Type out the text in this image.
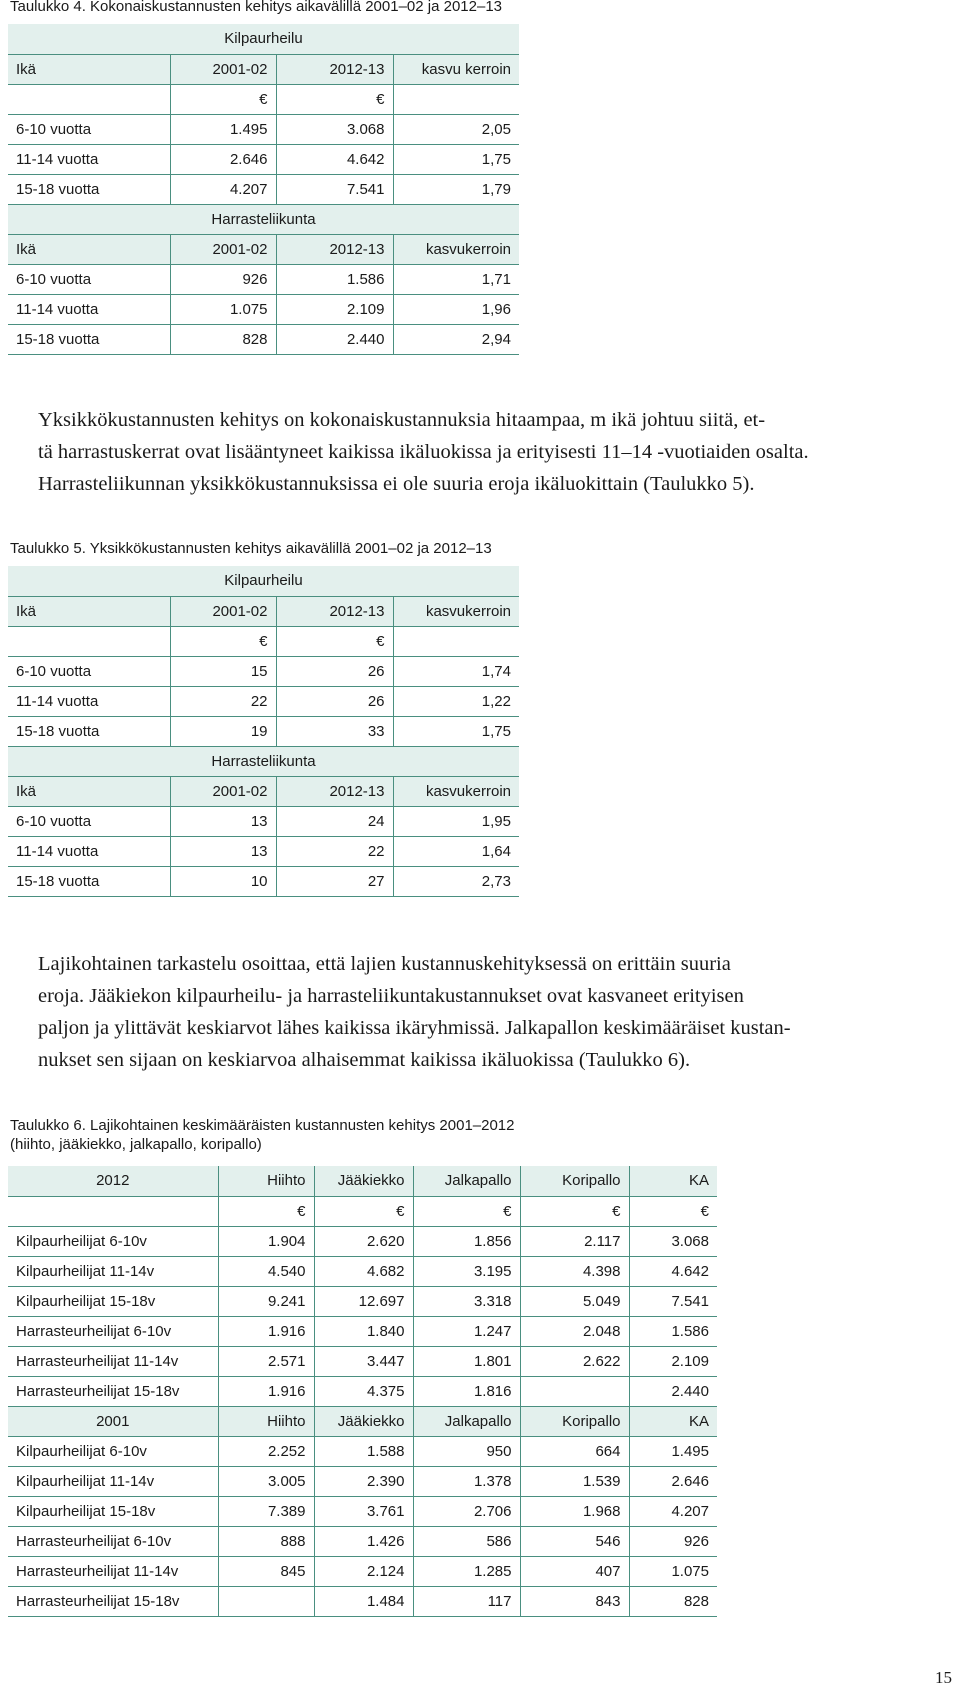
Taulukko 4. Kokonaiskustannusten kehitys aikavälillä 2001–02 ja 2012–13
Kilpaurheilu			
Ikä	2001-02	2012-13	kasvu kerroin
	€	€	
6-10 vuotta	1.495	3.068	2,05
11-14 vuotta	2.646	4.642	1,75
15-18 vuotta	4.207	7.541	1,79
Harrasteliikunta			
Ikä	2001-02	2012-13	kasvukerroin
6-10 vuotta	926	1.586	1,71
11-14 vuotta	1.075	2.109	1,96
15-18 vuotta	828	2.440	2,94

Yksikkökustannusten kehitys on kokonaiskustannuksia hitaampaa, m ikä johtuu siitä, et-

tä harrastuskerrat ovat lisääntyneet kaikissa ikäluokissa ja erityisesti 11–14 -vuotiaiden osalta.

Harrasteliikunnan yksikkökustannuksissa ei ole suuria eroja ikäluokittain (Taulukko 5).

Taulukko 5. Yksikkökustannusten kehitys aikavälillä 2001–02 ja 2012–13
Kilpaurheilu			
Ikä	2001-02	2012-13	kasvukerroin
	€	€	
6-10 vuotta	15	26	1,74
11-14 vuotta	22	26	1,22
15-18 vuotta	19	33	1,75
Harrasteliikunta			
Ikä	2001-02	2012-13	kasvukerroin
6-10 vuotta	13	24	1,95
11-14 vuotta	13	22	1,64
15-18 vuotta	10	27	2,73

Lajikohtainen tarkastelu osoittaa, että lajien kustannuskehityksessä on erittäin suuria

eroja. Jääkiekon kilpaurheilu- ja harrasteliikuntakustannukset ovat kasvaneet erityisen

paljon ja ylittävät keskiarvot lähes kaikissa ikäryhmissä. Jalkapallon keskimääräiset kustan-

nukset sen sijaan on keskiarvoa alhaisemmat kaikissa ikäluokissa (Taulukko 6).

Taulukko 6. Lajikohtainen keskimääräisten kustannusten kehitys 2001–2012
(hiihto, jääkiekko, jalkapallo, koripallo)
2012	Hiihto	Jääkiekko	Jalkapallo	Koripallo	KA
	€	€	€	€	€
Kilpaurheilijat 6-10v	1.904	2.620	1.856	2.117	3.068
Kilpaurheilijat 11-14v	4.540	4.682	3.195	4.398	4.642
Kilpaurheilijat 15-18v	9.241	12.697	3.318	5.049	7.541
Harrasteurheilijat 6-10v	1.916	1.840	1.247	2.048	1.586
Harrasteurheilijat 11-14v	2.571	3.447	1.801	2.622	2.109
Harrasteurheilijat 15-18v	1.916	4.375	1.816		2.440
2001	Hiihto	Jääkiekko	Jalkapallo	Koripallo	KA
Kilpaurheilijat 6-10v	2.252	1.588	950	664	1.495
Kilpaurheilijat 11-14v	3.005	2.390	1.378	1.539	2.646
Kilpaurheilijat 15-18v	7.389	3.761	2.706	1.968	4.207
Harrasteurheilijat 6-10v	888	1.426	586	546	926
Harrasteurheilijat 11-14v	845	2.124	1.285	407	1.075
Harrasteurheilijat 15-18v		1.484	117	843	828
15
